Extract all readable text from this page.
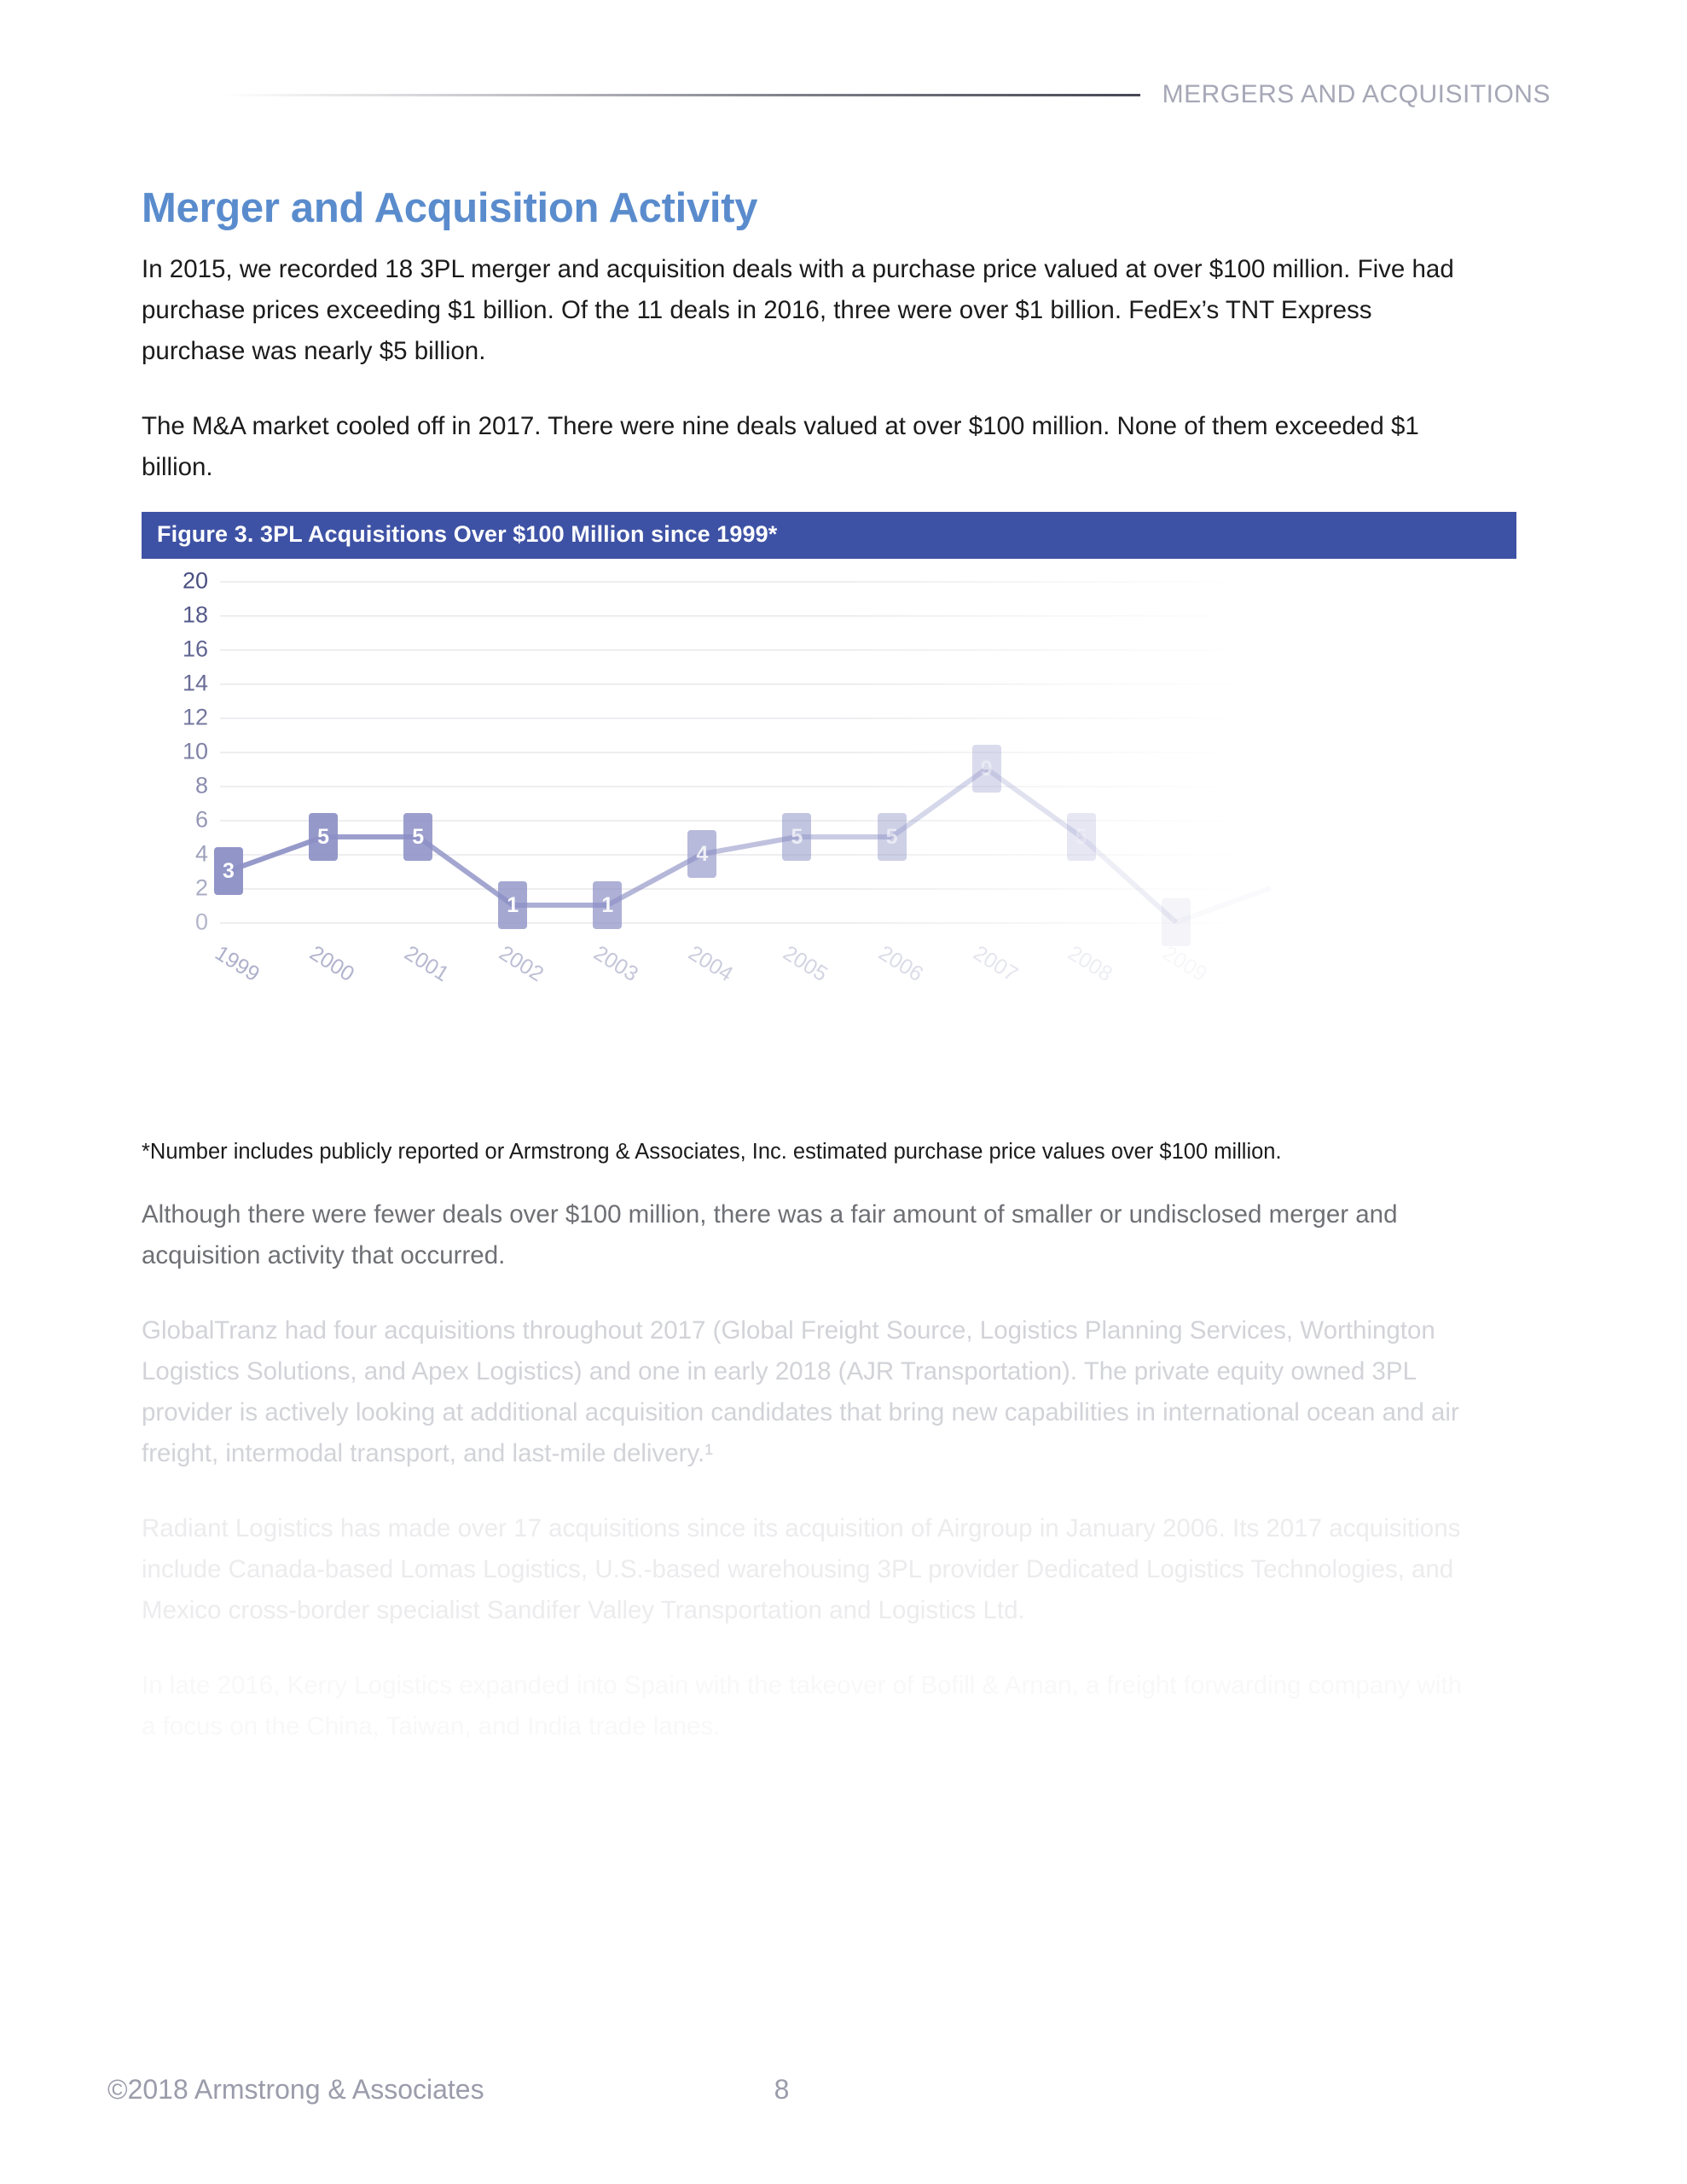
MERGERS AND ACQUISITIONS
Merger and Acquisition Activity

In 2015, we recorded 18 3PL merger and acquisition deals with a purchase price valued at over $100 million. Five had purchase prices exceeding $1 billion. Of the 11 deals in 2016, three were over $1 billion. FedEx’s TNT Express purchase was nearly $5 billion.

The M&A market cooled off in 2017. There were nine deals valued at over $100 million. None of them exceeded $1 billion.

Figure 3. 3PL Acquisitions Over $100 Million since 1999*
0
2
4
6
8
10
12
14
16
18
20
1999 2000 2001 2002 2003 2004 2005 2006 2007 2008 2009
3
5	5
1	1
4
5	5
9
5
0
*Number includes publicly reported or Armstrong & Associates, Inc. estimated purchase price values over $100 million.

Although there were fewer deals over $100 million, there was a fair amount of smaller or undisclosed merger and acquisition activity that occurred.

GlobalTranz had four acquisitions throughout 2017 (Global Freight Source, Logistics Planning Services, Worthington Logistics Solutions, and Apex Logistics) and one in early 2018 (AJR Transportation). The private equity owned 3PL provider is actively looking at additional acquisition candidates that bring new capabilities in international ocean and air freight, intermodal transport, and last-mile delivery.¹

Radiant Logistics has made over 17 acquisitions since its acquisition of Airgroup in January 2006. Its 2017 acquisitions include Canada-based Lomas Logistics, U.S.-based warehousing 3PL provider Dedicated Logistics Technologies, and Mexico cross-border specialist Sandifer Valley Transportation and Logistics Ltd.

In late 2016, Kerry Logistics expanded into Spain with the takeover of Bofill & Arnan, a freight forwarding company with a focus on the China, Taiwan, and India trade lanes.

©2018 Armstrong & Associates	8
